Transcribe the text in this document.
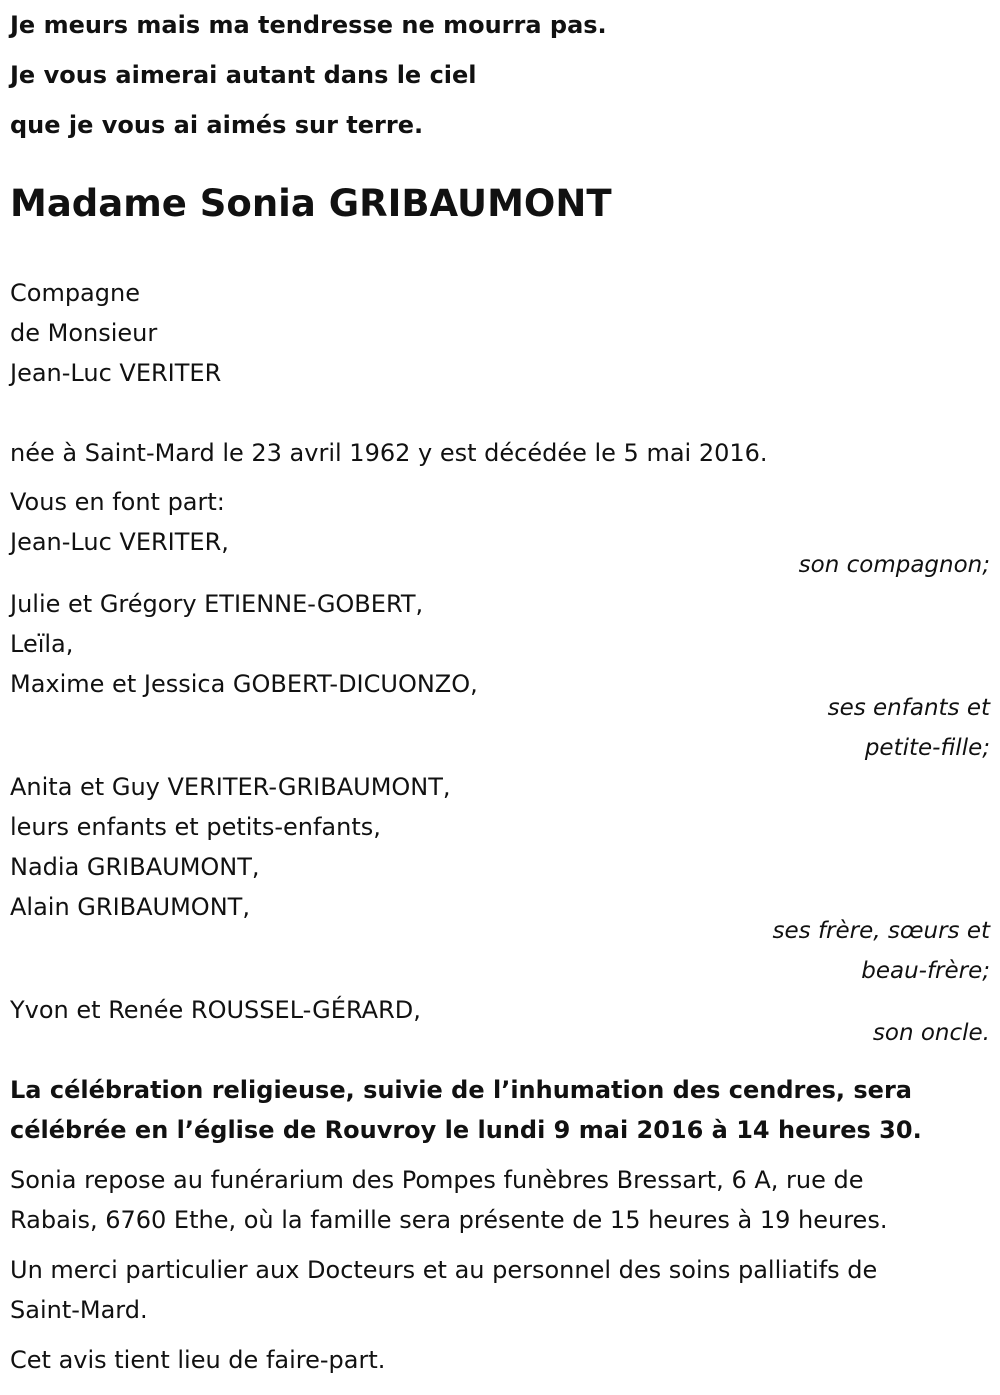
Je meurs mais ma tendresse ne mourra pas.
Je vous aimerai autant dans le ciel
que je vous ai aimés sur terre.
Madame Sonia GRIBAUMONT
Compagne
de Monsieur
Jean-Luc VERITER
née à Saint-Mard le 23 avril 1962 y est décédée le 5 mai 2016.
Vous en font part:
Jean-Luc VERITER,
son compagnon;
Julie et Grégory ETIENNE-GOBERT,
Leïla,
Maxime et Jessica GOBERT-DICUONZO,
ses enfants et
petite-fille;
Anita et Guy VERITER-GRIBAUMONT,
leurs enfants et petits-enfants,
Nadia GRIBAUMONT,
Alain GRIBAUMONT,
ses frère, sœurs et
beau-frère;
Yvon et Renée ROUSSEL-GÉRARD,
son oncle.
La célébration religieuse, suivie de l’inhumation des cendres, sera
célébrée en l’église de Rouvroy le lundi 9 mai 2016 à 14 heures 30.
Sonia repose au funérarium des Pompes funèbres Bressart, 6 A, rue de
Rabais, 6760 Ethe, où la famille sera présente de 15 heures à 19 heures.
Un merci particulier aux Docteurs et au personnel des soins palliatifs de
Saint-Mard.
Cet avis tient lieu de faire-part.
